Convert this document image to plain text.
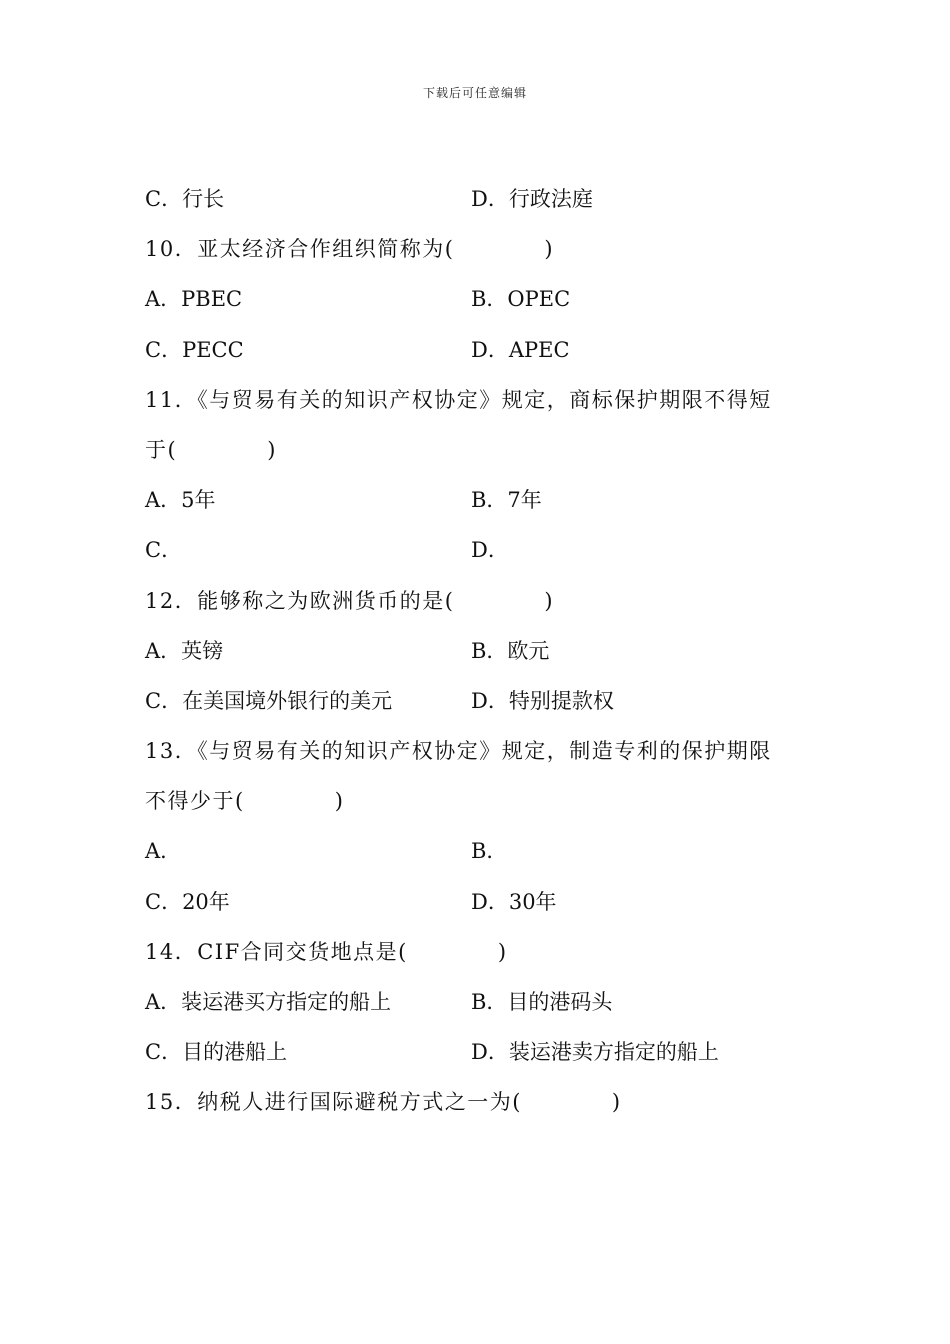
下载后可任意编辑
C．行长	D．行政法庭
10．亚太经济合作组织简称为(　　　　)
A．PBEC	B．OPEC
C．PECC	D．APEC
11．《与贸易有关的知识产权协定》规定，商标保护期限不得短
于(　　　　)
A．5年	B．7年
C．	D．
12．能够称之为欧洲货币的是(　　　　)
A．英镑	B．欧元
C．在美国境外银行的美元	D．特别提款权
13．《与贸易有关的知识产权协定》规定，制造专利的保护期限
不得少于(　　　　)
A．	B．
C．20年	D．30年
14．CIF合同交货地点是(　　　　)
A．装运港买方指定的船上	B．目的港码头
C．目的港船上	D．装运港卖方指定的船上
15．纳税人进行国际避税方式之一为(　　　　)
